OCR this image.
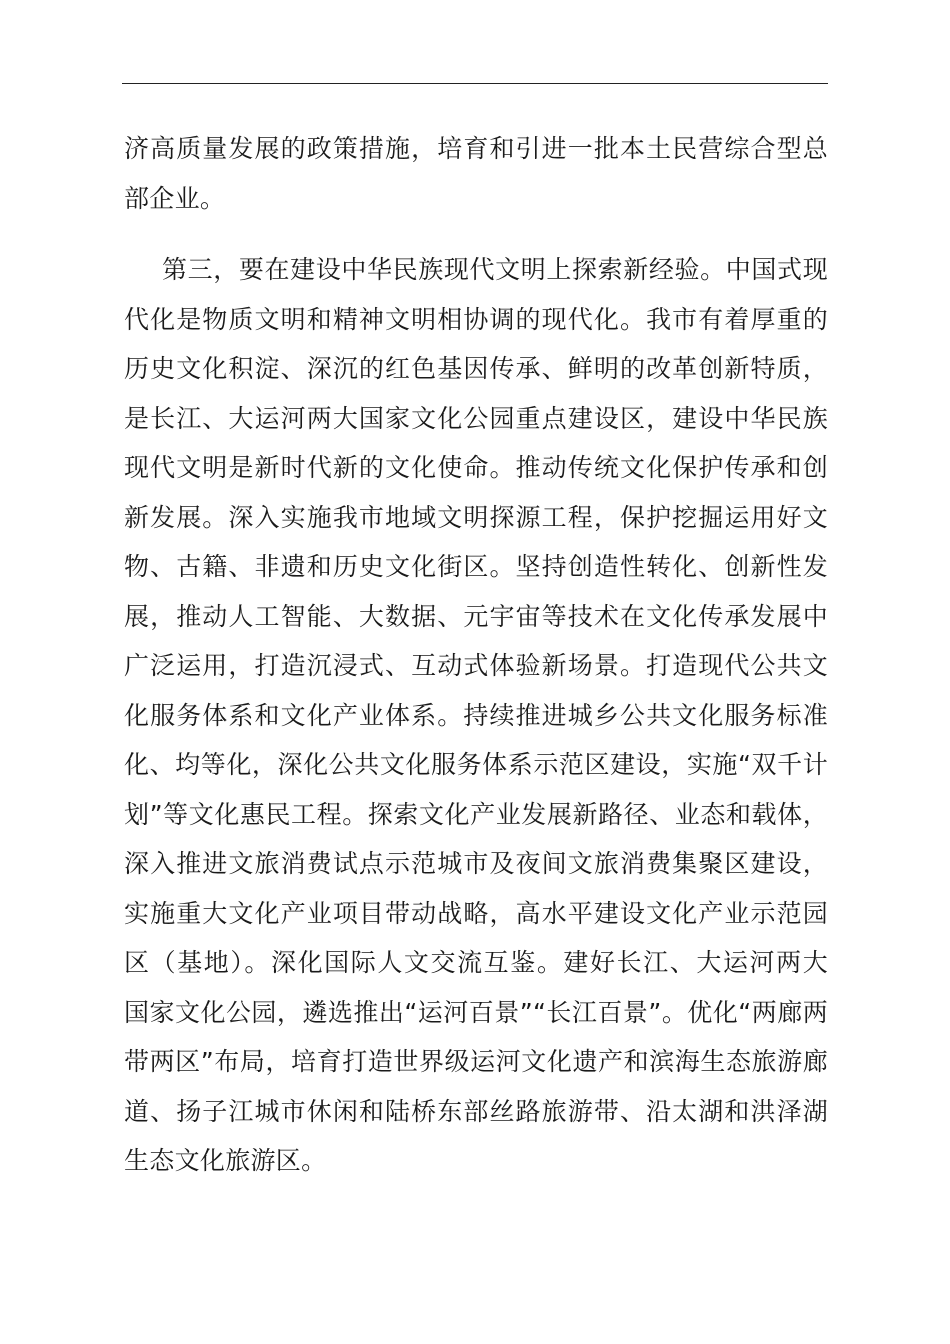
济高质量发展的政策措施，培育和引进一批本土民营综合型总
部企业。
第三，要在建设中华民族现代文明上探索新经验。中国式现
代化是物质文明和精神文明相协调的现代化。我市有着厚重的
历史文化积淀、深沉的红色基因传承、鲜明的改革创新特质，
是长江、大运河两大国家文化公园重点建设区，建设中华民族
现代文明是新时代新的文化使命。推动传统文化保护传承和创
新发展。深入实施我市地域文明探源工程，保护挖掘运用好文
物、古籍、非遗和历史文化街区。坚持创造性转化、创新性发
展，推动人工智能、大数据、元宇宙等技术在文化传承发展中
广泛运用，打造沉浸式、互动式体验新场景。打造现代公共文
化服务体系和文化产业体系。持续推进城乡公共文化服务标准
化、均等化，深化公共文化服务体系示范区建设，实施“双千计
划”等文化惠民工程。探索文化产业发展新路径、业态和载体，
深入推进文旅消费试点示范城市及夜间文旅消费集聚区建设，
实施重大文化产业项目带动战略，高水平建设文化产业示范园
区（基地）。深化国际人文交流互鉴。建好长江、大运河两大
国家文化公园，遴选推出“运河百景”“长江百景”。优化“两廊两
带两区”布局，培育打造世界级运河文化遗产和滨海生态旅游廊
道、扬子江城市休闲和陆桥东部丝路旅游带、沿太湖和洪泽湖
生态文化旅游区。
